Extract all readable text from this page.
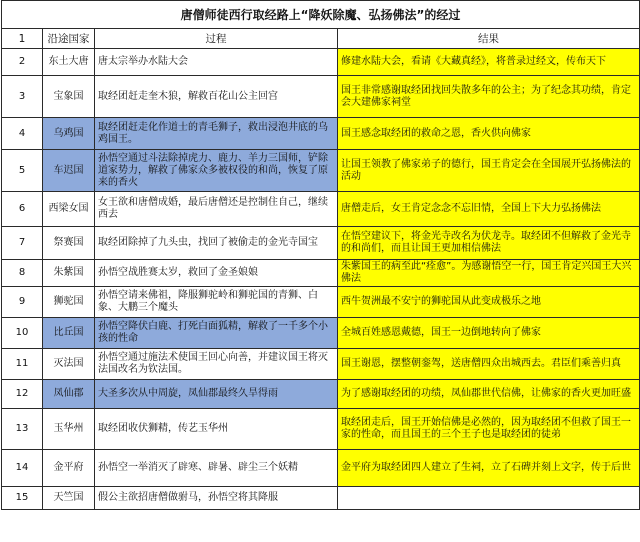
唐僧师徒西行取经路上“降妖除魔、弘扬佛法”的经过			
1	沿途国家	过程	结果
2	东土大唐	唐太宗举办水陆大会	修建水陆大会，看请《大藏真经》，将普录过经文，传布天下
3	宝象国	取经团赶走奎木狼，解救百花山公主回宫	国王非常感谢取经团找回失散多年的公主；为了纪念其功绩，肯定会大建佛家祠堂
4	乌鸡国	取经团赶走化作道士的青毛狮子，救出浸泡井底的乌鸡国王。	国王感念取经团的救命之恩，香火供向佛家
5	车迟国	孙悟空通过斗法除掉虎力、鹿力、羊力三国师，铲除道家势力，解救了佛家众多被权役的和尚，恢复了原来的香火	让国王领教了佛家弟子的德行，国王肯定会在全国展开弘扬佛法的活动
6	西梁女国	女王欲和唐僧成婚，最后唐僧还是控制住自己，继续西去	唐僧走后，女王肯定念念不忘旧情，全国上下大力弘扬佛法
7	祭赛国	取经团除掉了九头虫，找回了被偷走的金光寺国宝	在悟空建议下，将金光寺改名为伏龙寺。取经团不但解救了金光寺的和尚们，而且让国王更加相信佛法
8	朱紫国	孙悟空战胜赛太岁，救回了金圣娘娘	朱紫国王的病至此“痊愈”。为感谢悟空一行，国王肯定兴国王大兴佛法
9	狮驼国	孙悟空请来佛祖，降服狮驼岭和狮驼国的青狮、白象、大鹏三个魔头	西牛贺洲最不安宁的狮驼国从此变成极乐之地
10	比丘国	孙悟空降伏白鹿、打死白面狐精，解救了一千多个小孩的性命	全城百姓感恩戴德，国王一边倒地转向了佛家
11	灭法国	孙悟空通过施法术使国王回心向善，并建议国王将灭法国改名为钦法国。	国王谢恩，摆整朝銮驾，送唐僧四众出城西去。君臣们乘善归真
12	凤仙郡	大圣多次从中周旋，凤仙郡最终久旱得雨	为了感谢取经团的功绩，凤仙郡世代信佛，让佛家的香火更加旺盛
13	玉华州	取经团收伏狮精，传艺玉华州	取经团走后，国王开始信佛是必然的，因为取经团不但救了国王一家的性命，而且国王的三个王子也是取经团的徒弟
14	金平府	孙悟空一举消灭了辟寒、辟暑、辟尘三个妖精	金平府为取经团四人建立了生祠，立了石碑并刻上文字，传于后世
15	天竺国	假公主欲招唐僧做驸马，孙悟空将其降服	
